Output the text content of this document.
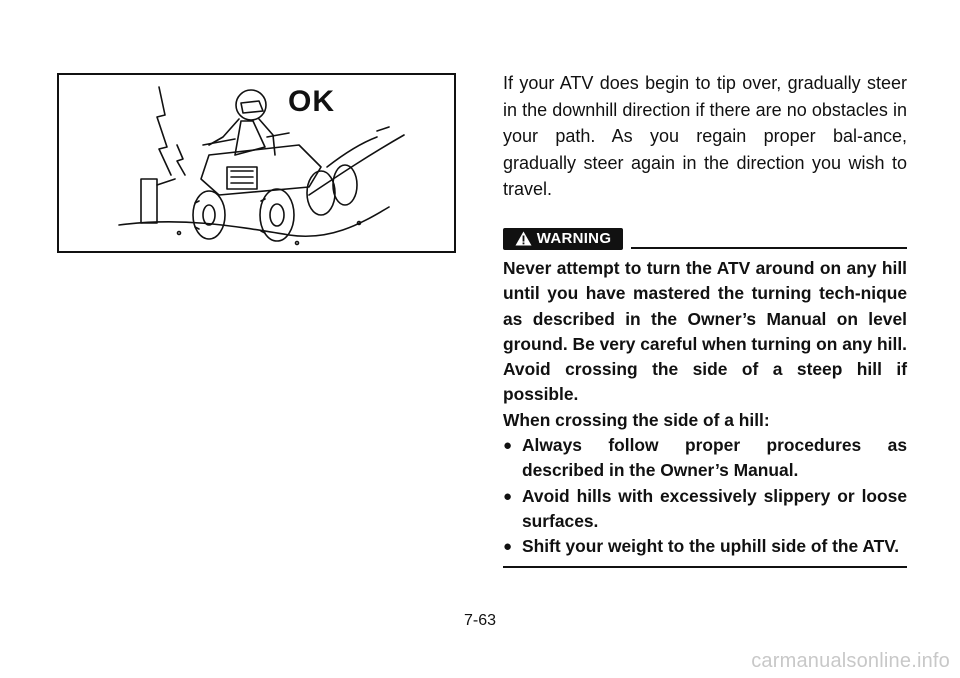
OK

If your ATV does begin to tip over, gradually steer in the downhill direction if there are no obstacles in your path. As you regain proper bal-ance, gradually steer again in the direction you wish to travel.

WARNING

Never attempt to turn the ATV around on any hill until you have mastered the turning tech-nique as described in the Owner’s Manual on level ground. Be very careful when turning on any hill. Avoid crossing the side of a steep hill if possible.

When crossing the side of a hill:

● Always follow proper procedures as described in the Owner’s Manual.
● Avoid hills with excessively slippery or loose surfaces.
● Shift your weight to the uphill side of the ATV.
7-63
carmanualsonline.info
